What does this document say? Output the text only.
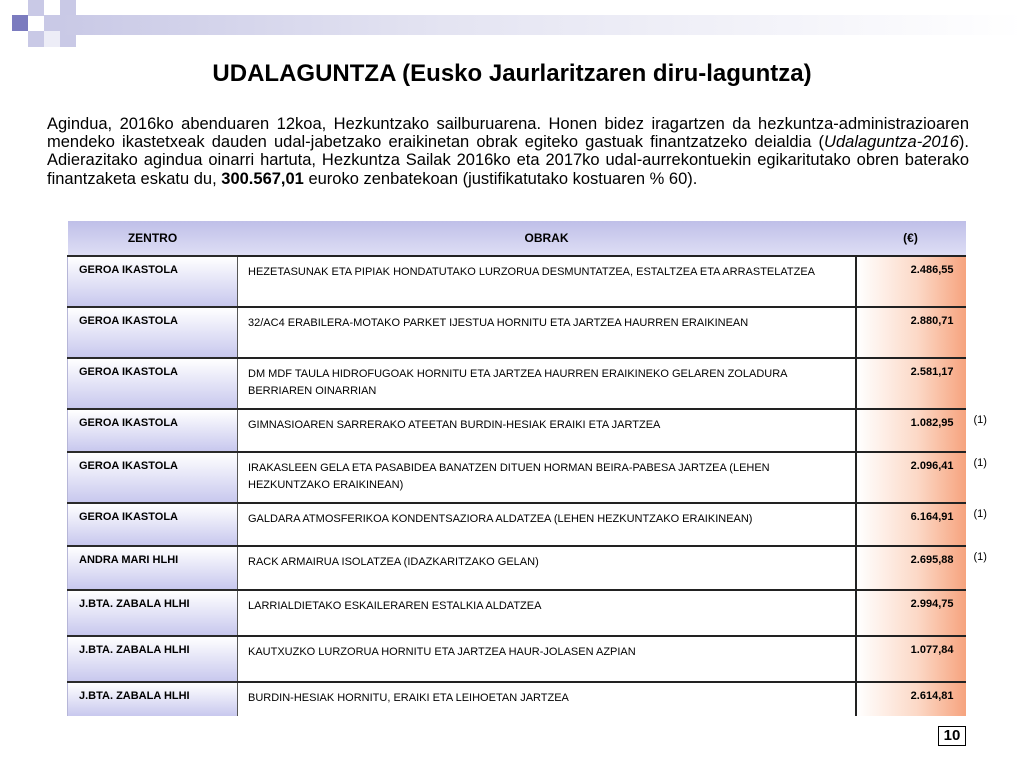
UDALAGUNTZA (Eusko Jaurlaritzaren diru-laguntza)

Agindua, 2016ko abenduaren 12koa, Hezkuntzako sailburuarena. Honen bidez iragartzen da hezkuntza-administrazioaren mendeko ikastetxeak dauden udal-jabetzako eraikinetan obrak egiteko gastuak finantzatzeko deialdia (Udalaguntza-2016). Adierazitako agindua oinarri hartuta, Hezkuntza Sailak 2016ko eta 2017ko udal-aurrekontuekin egikaritutako obren baterako finantzaketa eskatu du, 300.567,01 euroko zenbatekoan (justifikatutako kostuaren % 60).

ZENTRO	OBRAK	(€)	
GEROA IKASTOLA	HEZETASUNAK ETA PIPIAK HONDATUTAKO LURZORUA DESMUNTATZEA, ESTALTZEA ETA ARRASTELATZEA	2.486,55	
GEROA IKASTOLA	32/AC4 ERABILERA-MOTAKO PARKET IJESTUA HORNITU ETA JARTZEA HAURREN ERAIKINEAN	2.880,71	
GEROA IKASTOLA	DM MDF TAULA HIDROFUGOAK HORNITU ETA JARTZEA HAURREN ERAIKINEKO GELAREN ZOLADURA BERRIAREN OINARRIAN	2.581,17	
GEROA IKASTOLA	GIMNASIOAREN SARRERAKO ATEETAN BURDIN-HESIAK ERAIKI ETA JARTZEA	1.082,95	(1)
GEROA IKASTOLA	IRAKASLEEN GELA ETA PASABIDEA BANATZEN DITUEN HORMAN BEIRA-PABESA JARTZEA (LEHEN HEZKUNTZAKO ERAIKINEAN)	2.096,41	(1)
GEROA IKASTOLA	GALDARA ATMOSFERIKOA KONDENTSAZIORA ALDATZEA (LEHEN HEZKUNTZAKO ERAIKINEAN)	6.164,91	(1)
ANDRA MARI HLHI	RACK ARMAIRUA ISOLATZEA (IDAZKARITZAKO GELAN)	2.695,88	(1)
J.BTA. ZABALA HLHI	LARRIALDIETAKO ESKAILERAREN ESTALKIA ALDATZEA	2.994,75	
J.BTA. ZABALA HLHI	KAUTXUZKO LURZORUA HORNITU ETA JARTZEA HAUR-JOLASEN AZPIAN	1.077,84	
J.BTA. ZABALA HLHI	BURDIN-HESIAK HORNITU, ERAIKI ETA LEIHOETAN JARTZEA	2.614,81	
10
